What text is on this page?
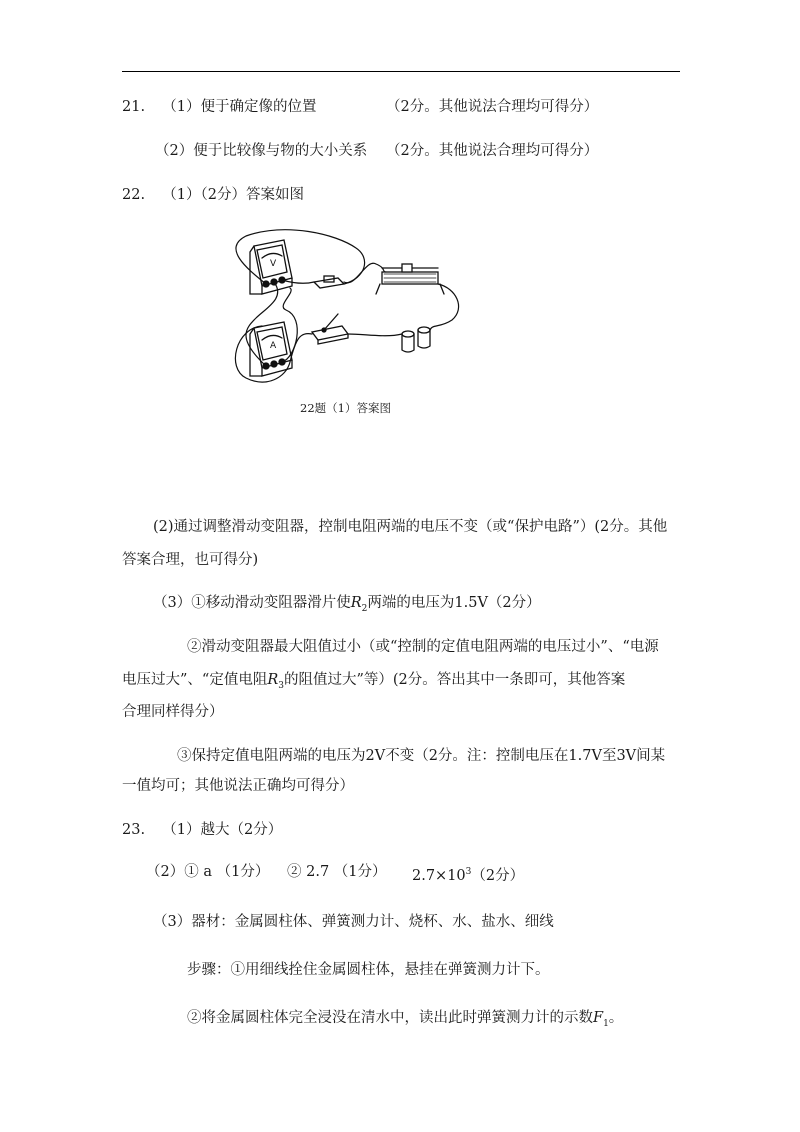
21. （1）便于确定像的位置	（2分。其他说法合理均可得分）
（2）便于比较像与物的大小关系 （2分。其他说法合理均可得分）
22. （1）（2分）答案如图
V
A
22题（1）答案图
(2)通过调整滑动变阻器，控制电阻两端的电压不变（或“保护电路”）(2分。其他
答案合理，也可得分)
（3）①移动滑动变阻器滑片使$R_2$两端的电压为1.5V（2分）
②滑动变阻器最大阻值过小（或“控制的定值电阻两端的电压过小”、“电源
电压过大”、“定值电阻$R_3$的阻值过大”等）(2分。答出其中一条即可，其他答案
合理同样得分）
③保持定值电阻两端的电压为2V不变（2分。注：控制电压在1.7V至3V间某
一值均可；其他说法正确均可得分）
23. （1）越大（2分）
（2）① a （1分） ② 2.7 （1分） $2.7\times 10^3(2$分）
（3）器材：金属圆柱体、弹簧测力计、烧杯、水、盐水、细线
步骤：①用细线拴住金属圆柱体，悬挂在弹簧测力计下。
②将金属圆柱体完全浸没在清水中，读出此时弹簧测力计的示数$F_1$。
